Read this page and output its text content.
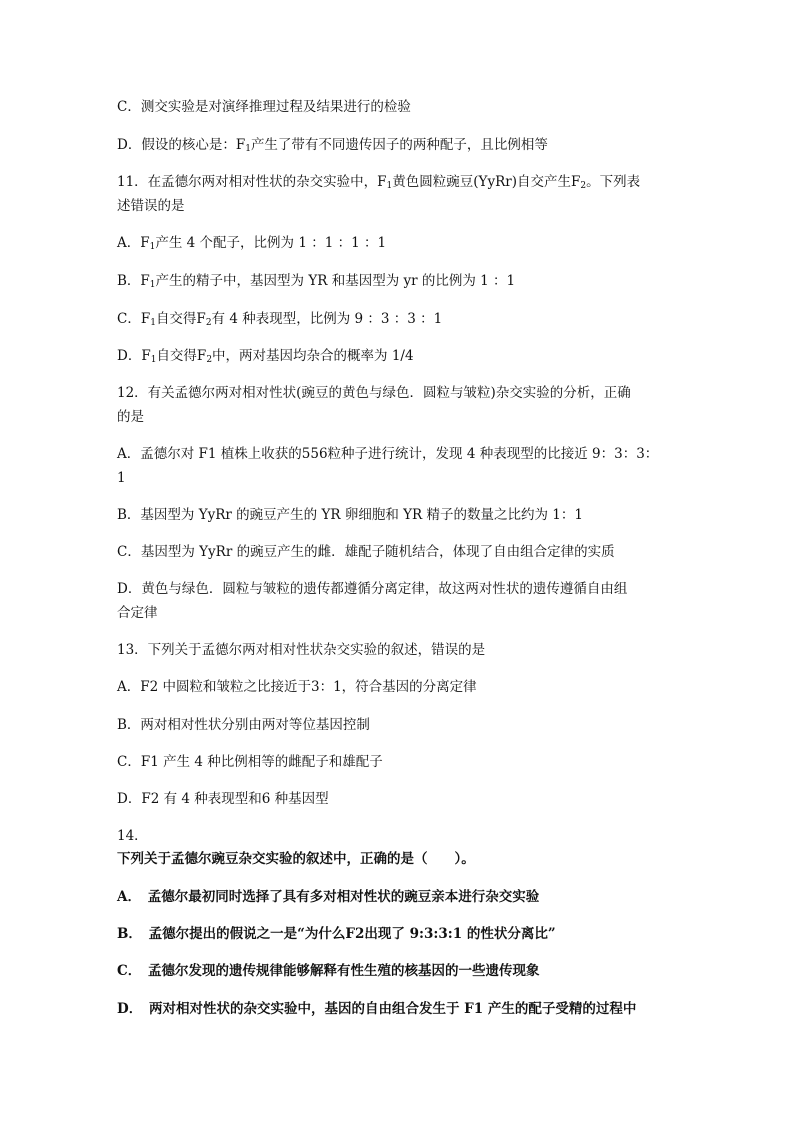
C．测交实验是对演绎推理过程及结果进行的检验
D．假设的核心是：$F_1$产生了带有不同遗传因子的两种配子，且比例相等
11．在孟德尔两对相对性状的杂交实验中，$F_1$黄色圆粒豌豆(YyRr)自交产生$F_2$。下列表
述错误的是
A．$F_1$产生 4 个配子，比例为 1 ：1 ：1 ：1
B．$F_1$产生的精子中，基因型为 YR 和基因型为 yr 的比例为 1 ：1
C．$F_1$自交得$F_2$有 4 种表现型，比例为 9 ：3 ：3 ：1
D．$F_1$自交得$F_2$中，两对基因均杂合的概率为 1/4
12．有关孟德尔两对相对性状(豌豆的黄色与绿色．圆粒与皱粒)杂交实验的分析，正确
的是
A．孟德尔对 F1 植株上收获的556粒种子进行统计，发现 4 种表现型的比接近 9：3：3：
1
B．基因型为 YyRr 的豌豆产生的 YR 卵细胞和 YR 精子的数量之比约为 1：1
C．基因型为 YyRr 的豌豆产生的雌．雄配子随机结合，体现了自由组合定律的实质
D．黄色与绿色．圆粒与皱粒的遗传都遵循分离定律，故这两对性状的遗传遵循自由组
合定律
13．下列关于孟德尔两对相对性状杂交实验的叙述，错误的是
A．F2 中圆粒和皱粒之比接近于3：1，符合基因的分离定律
B．两对相对性状分别由两对等位基因控制
C．F1 产生 4 种比例相等的雌配子和雄配子
D．F2 有 4 种表现型和6 种基因型
14．
下列关于孟德尔豌豆杂交实验的叙述中，正确的是（　　）。
A．　孟德尔最初同时选择了具有多对相对性状的豌豆亲本进行杂交实验
B．　孟德尔提出的假说之一是“为什么F2出现了 9:3:3:1 的性状分离比”
C．　孟德尔发现的遗传规律能够解释有性生殖的核基因的一些遗传现象
D．　两对相对性状的杂交实验中，基因的自由组合发生于 F1 产生的配子受精的过程中
